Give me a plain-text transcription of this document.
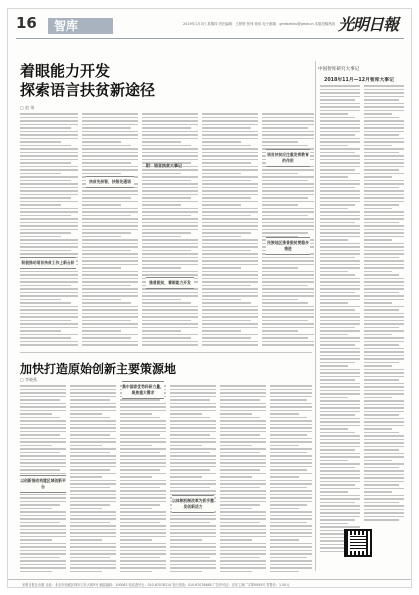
16 智库	2019年1月3日 星期四 责任编辑：王婷婷 张炜 郭伟 电子邮箱：gmrbzhiku@gmw.cn 本版投稿热线 光明日報
着眼能力开发
探索语言扶贫新途径
□ 赵 琦
扶贫先扶智，扶智先通语
积极推动语言扶贫工作上新台阶
推普脱贫，着眼能力开发
语言扶贫应注重发挥教育的作用
民族地区推普脱贫要稳步推进
附：语言扶贫大事记
中国智库研究大事记
2018年11月—12月智库大事记
加快打造原始创新主要策源地
□ 李晓燕
集中国家优势科研力量，聚焦重大需求
以创新推动构建区域创新平台
以体制机制改革为抓手激发创新活力
光明日报社出版 社址：北京市西城区珠市口东大街5号 邮政编码：100062 电话查号台：010-67078114 发行热线：010-67078488 广告许可证：京东工商广字第0093号 零售价：1.50元
